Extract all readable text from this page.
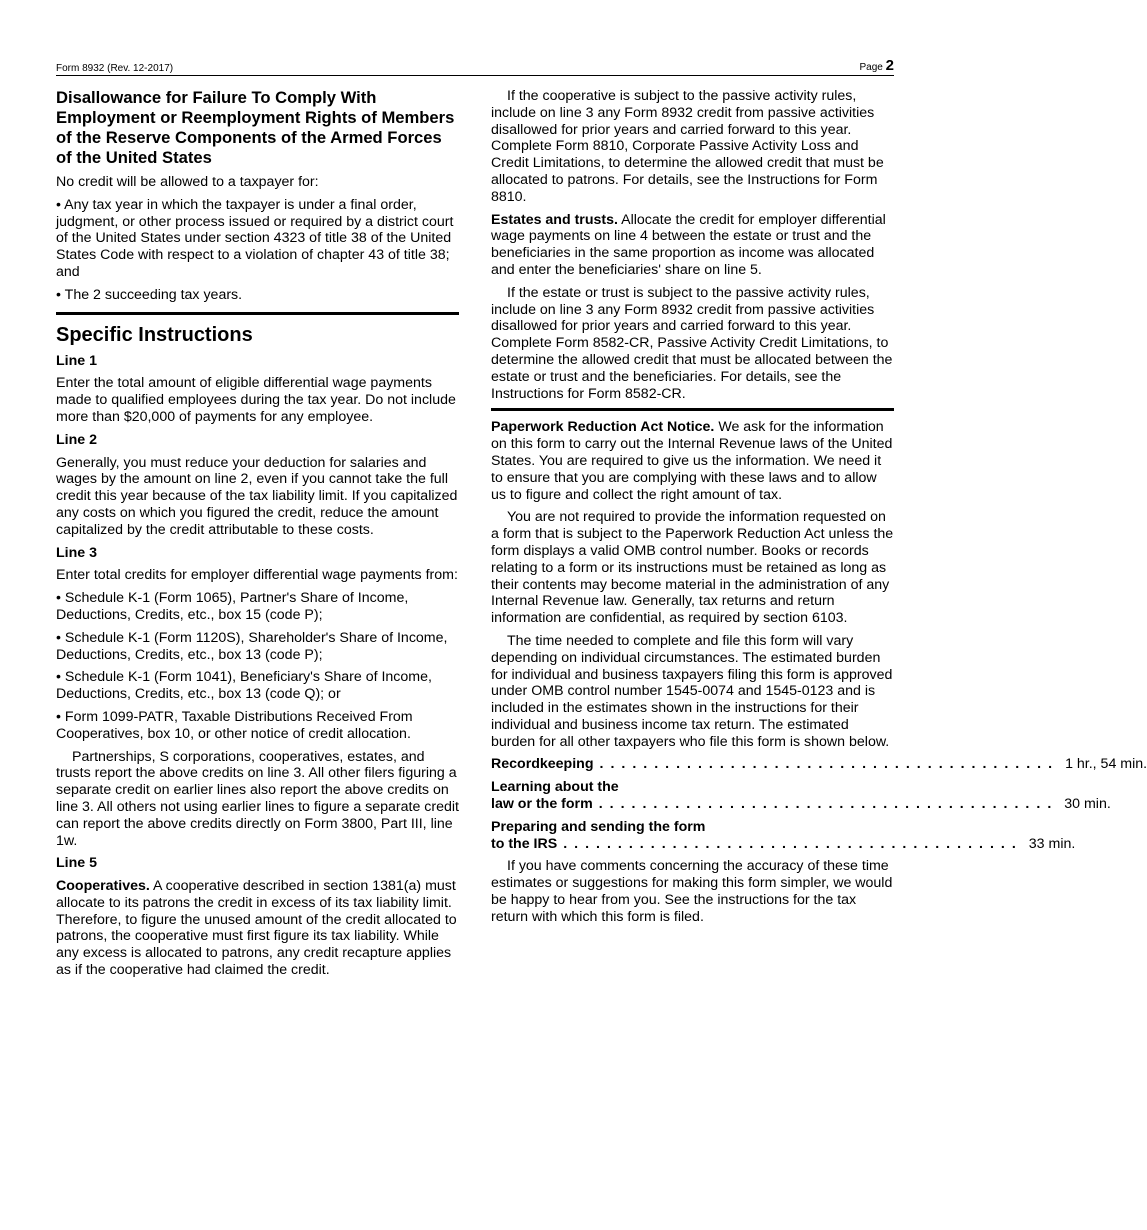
Form 8932 (Rev. 12-2017)	Page 2
Disallowance for Failure To Comply With Employment or Reemployment Rights of Members of the Reserve Components of the Armed Forces of the United States

No credit will be allowed to a taxpayer for:

• Any tax year in which the taxpayer is under a final order, judgment, or other process issued or required by a district court of the United States under section 4323 of title 38 of the United States Code with respect to a violation of chapter 43 of title 38; and

• The 2 succeeding tax years.

Specific Instructions
Line 1

Enter the total amount of eligible differential wage payments made to qualified employees during the tax year. Do not include more than $20,000 of payments for any employee.

Line 2

Generally, you must reduce your deduction for salaries and wages by the amount on line 2, even if you cannot take the full credit this year because of the tax liability limit. If you capitalized any costs on which you figured the credit, reduce the amount capitalized by the credit attributable to these costs.

Line 3

Enter total credits for employer differential wage payments from:

• Schedule K-1 (Form 1065), Partner's Share of Income, Deductions, Credits, etc., box 15 (code P);

• Schedule K-1 (Form 1120S), Shareholder's Share of Income, Deductions, Credits, etc., box 13 (code P);

• Schedule K-1 (Form 1041), Beneficiary's Share of Income, Deductions, Credits, etc., box 13 (code Q); or

• Form 1099-PATR, Taxable Distributions Received From Cooperatives, box 10, or other notice of credit allocation.

Partnerships, S corporations, cooperatives, estates, and trusts report the above credits on line 3. All other filers figuring a separate credit on earlier lines also report the above credits on line 3. All others not using earlier lines to figure a separate credit can report the above credits directly on Form 3800, Part III, line 1w.

Line 5

Cooperatives. A cooperative described in section 1381(a) must allocate to its patrons the credit in excess of its tax liability limit. Therefore, to figure the unused amount of the credit allocated to patrons, the cooperative must first figure its tax liability. While any excess is allocated to patrons, any credit recapture applies as if the cooperative had claimed the credit.

If the cooperative is subject to the passive activity rules, include on line 3 any Form 8932 credit from passive activities disallowed for prior years and carried forward to this year. Complete Form 8810, Corporate Passive Activity Loss and Credit Limitations, to determine the allowed credit that must be allocated to patrons. For details, see the Instructions for Form 8810.

Estates and trusts. Allocate the credit for employer differential wage payments on line 4 between the estate or trust and the beneficiaries in the same proportion as income was allocated and enter the beneficiaries' share on line 5.

If the estate or trust is subject to the passive activity rules, include on line 3 any Form 8932 credit from passive activities disallowed for prior years and carried forward to this year. Complete Form 8582-CR, Passive Activity Credit Limitations, to determine the allowed credit that must be allocated between the estate or trust and the beneficiaries. For details, see the Instructions for Form 8582-CR.

Paperwork Reduction Act Notice. We ask for the information on this form to carry out the Internal Revenue laws of the United States. You are required to give us the information. We need it to ensure that you are complying with these laws and to allow us to figure and collect the right amount of tax.

You are not required to provide the information requested on a form that is subject to the Paperwork Reduction Act unless the form displays a valid OMB control number. Books or records relating to a form or its instructions must be retained as long as their contents may become material in the administration of any Internal Revenue law. Generally, tax returns and return information are confidential, as required by section 6103.

The time needed to complete and file this form will vary depending on individual circumstances. The estimated burden for individual and business taxpayers filing this form is approved under OMB control number 1545-0074 and 1545-0123 and is included in the estimates shown in the instructions for their individual and business income tax return. The estimated burden for all other taxpayers who file this form is shown below.

Recordkeeping .......................................... 1 hr., 54 min.
Learning about the
law or the form .......................................... 30 min.
Preparing and sending the form
to the IRS .......................................... 33 min.

If you have comments concerning the accuracy of these time estimates or suggestions for making this form simpler, we would be happy to hear from you. See the instructions for the tax return with which this form is filed.
